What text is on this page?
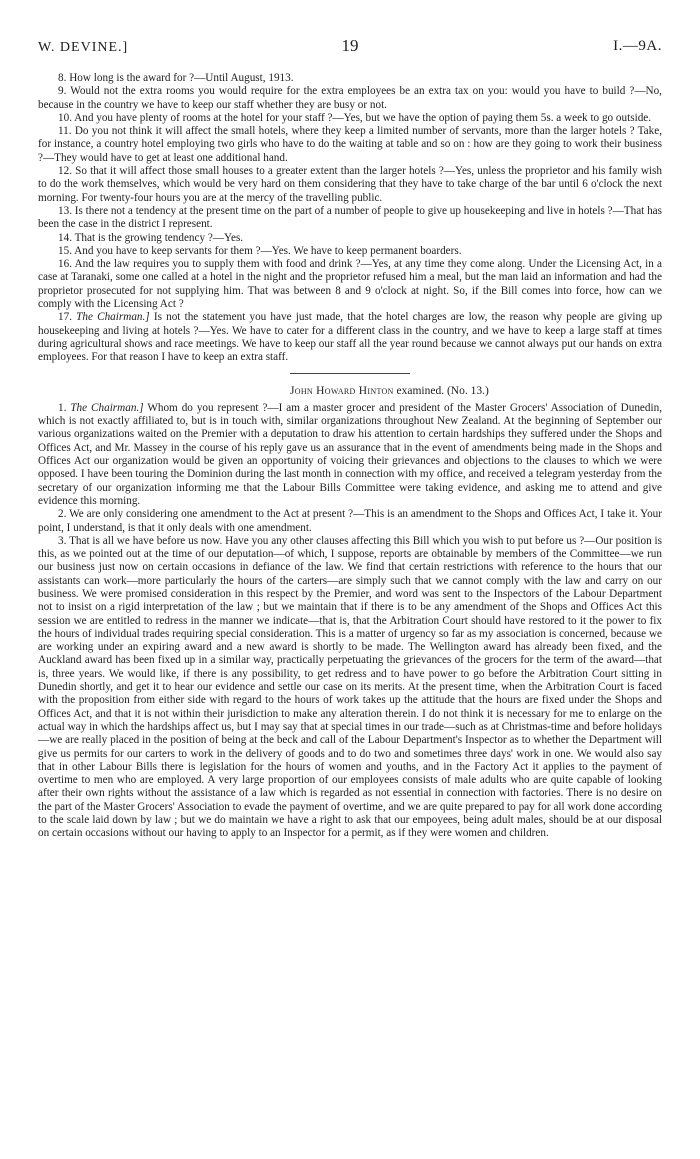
W. DEVINE.]	19	I.—9A.

8. How long is the award for ?—Until August, 1913.

9. Would not the extra rooms you would require for the extra employees be an extra tax on you: would you have to build ?—No, because in the country we have to keep our staff whether they are busy or not.

10. And you have plenty of rooms at the hotel for your staff ?—Yes, but we have the option of paying them 5s. a week to go outside.

11. Do you not think it will affect the small hotels, where they keep a limited number of servants, more than the larger hotels ? Take, for instance, a country hotel employing two girls who have to do the waiting at table and so on : how are they going to work their business ?—They would have to get at least one additional hand.

12. So that it will affect those small houses to a greater extent than the larger hotels ?—Yes, unless the proprietor and his family wish to do the work themselves, which would be very hard on them considering that they have to take charge of the bar until 6 o'clock the next morning. For twenty-four hours you are at the mercy of the travelling public.

13. Is there not a tendency at the present time on the part of a number of people to give up housekeeping and live in hotels ?—That has been the case in the district I represent.

14. That is the growing tendency ?—Yes.

15. And you have to keep servants for them ?—Yes. We have to keep permanent boarders.

16. And the law requires you to supply them with food and drink ?—Yes, at any time they come along. Under the Licensing Act, in a case at Taranaki, some one called at a hotel in the night and the proprietor refused him a meal, but the man laid an information and had the proprietor prosecuted for not supplying him. That was between 8 and 9 o'clock at night. So, if the Bill comes into force, how can we comply with the Licensing Act ?

17. The Chairman.] Is not the statement you have just made, that the hotel charges are low, the reason why people are giving up housekeeping and living at hotels ?—Yes. We have to cater for a different class in the country, and we have to keep a large staff at times during agricultural shows and race meetings. We have to keep our staff all the year round because we cannot always put our hands on extra employees. For that reason I have to keep an extra staff.

John Howard Hinton examined. (No. 13.)

1. The Chairman.] Whom do you represent ?—I am a master grocer and president of the Master Grocers' Association of Dunedin, which is not exactly affiliated to, but is in touch with, similar organizations throughout New Zealand. At the beginning of September our various organizations waited on the Premier with a deputation to draw his attention to certain hardships they suffered under the Shops and Offices Act, and Mr. Massey in the course of his reply gave us an assurance that in the event of amendments being made in the Shops and Offices Act our organization would be given an opportunity of voicing their grievances and objections to the clauses to which we were opposed. I have been touring the Dominion during the last month in connection with my office, and received a telegram yesterday from the secretary of our organization informing me that the Labour Bills Committee were taking evidence, and asking me to attend and give evidence this morning.

2. We are only considering one amendment to the Act at present ?—This is an amendment to the Shops and Offices Act, I take it. Your point, I understand, is that it only deals with one amendment.

3. That is all we have before us now. Have you any other clauses affecting this Bill which you wish to put before us ?—Our position is this, as we pointed out at the time of our deputation—of which, I suppose, reports are obtainable by members of the Committee—we run our business just now on certain occasions in defiance of the law. We find that certain restrictions with reference to the hours that our assistants can work—more particularly the hours of the carters—are simply such that we cannot comply with the law and carry on our business. We were promised consideration in this respect by the Premier, and word was sent to the Inspectors of the Labour Department not to insist on a rigid interpretation of the law ; but we maintain that if there is to be any amendment of the Shops and Offices Act this session we are entitled to redress in the manner we indicate—that is, that the Arbitration Court should have restored to it the power to fix the hours of individual trades requiring special consideration. This is a matter of urgency so far as my association is concerned, because we are working under an expiring award and a new award is shortly to be made. The Wellington award has already been fixed, and the Auckland award has been fixed up in a similar way, practically perpetuating the grievances of the grocers for the term of the award—that is, three years. We would like, if there is any possibility, to get redress and to have power to go before the Arbitration Court sitting in Dunedin shortly, and get it to hear our evidence and settle our case on its merits. At the present time, when the Arbitration Court is faced with the proposition from either side with regard to the hours of work takes up the attitude that the hours are fixed under the Shops and Offices Act, and that it is not within their jurisdiction to make any alteration therein. I do not think it is necessary for me to enlarge on the actual way in which the hardships affect us, but I may say that at special times in our trade—such as at Christmas-time and before holidays—we are really placed in the position of being at the beck and call of the Labour Department's Inspector as to whether the Department will give us permits for our carters to work in the delivery of goods and to do two and sometimes three days' work in one. We would also say that in other Labour Bills there is legislation for the hours of women and youths, and in the Factory Act it applies to the payment of overtime to men who are employed. A very large proportion of our employees consists of male adults who are quite capable of looking after their own rights without the assistance of a law which is regarded as not essential in connection with factories. There is no desire on the part of the Master Grocers' Association to evade the payment of overtime, and we are quite prepared to pay for all work done according to the scale laid down by law ; but we do maintain we have a right to ask that our empoyees, being adult males, should be at our disposal on certain occasions without our having to apply to an Inspector for a permit, as if they were women and children.
